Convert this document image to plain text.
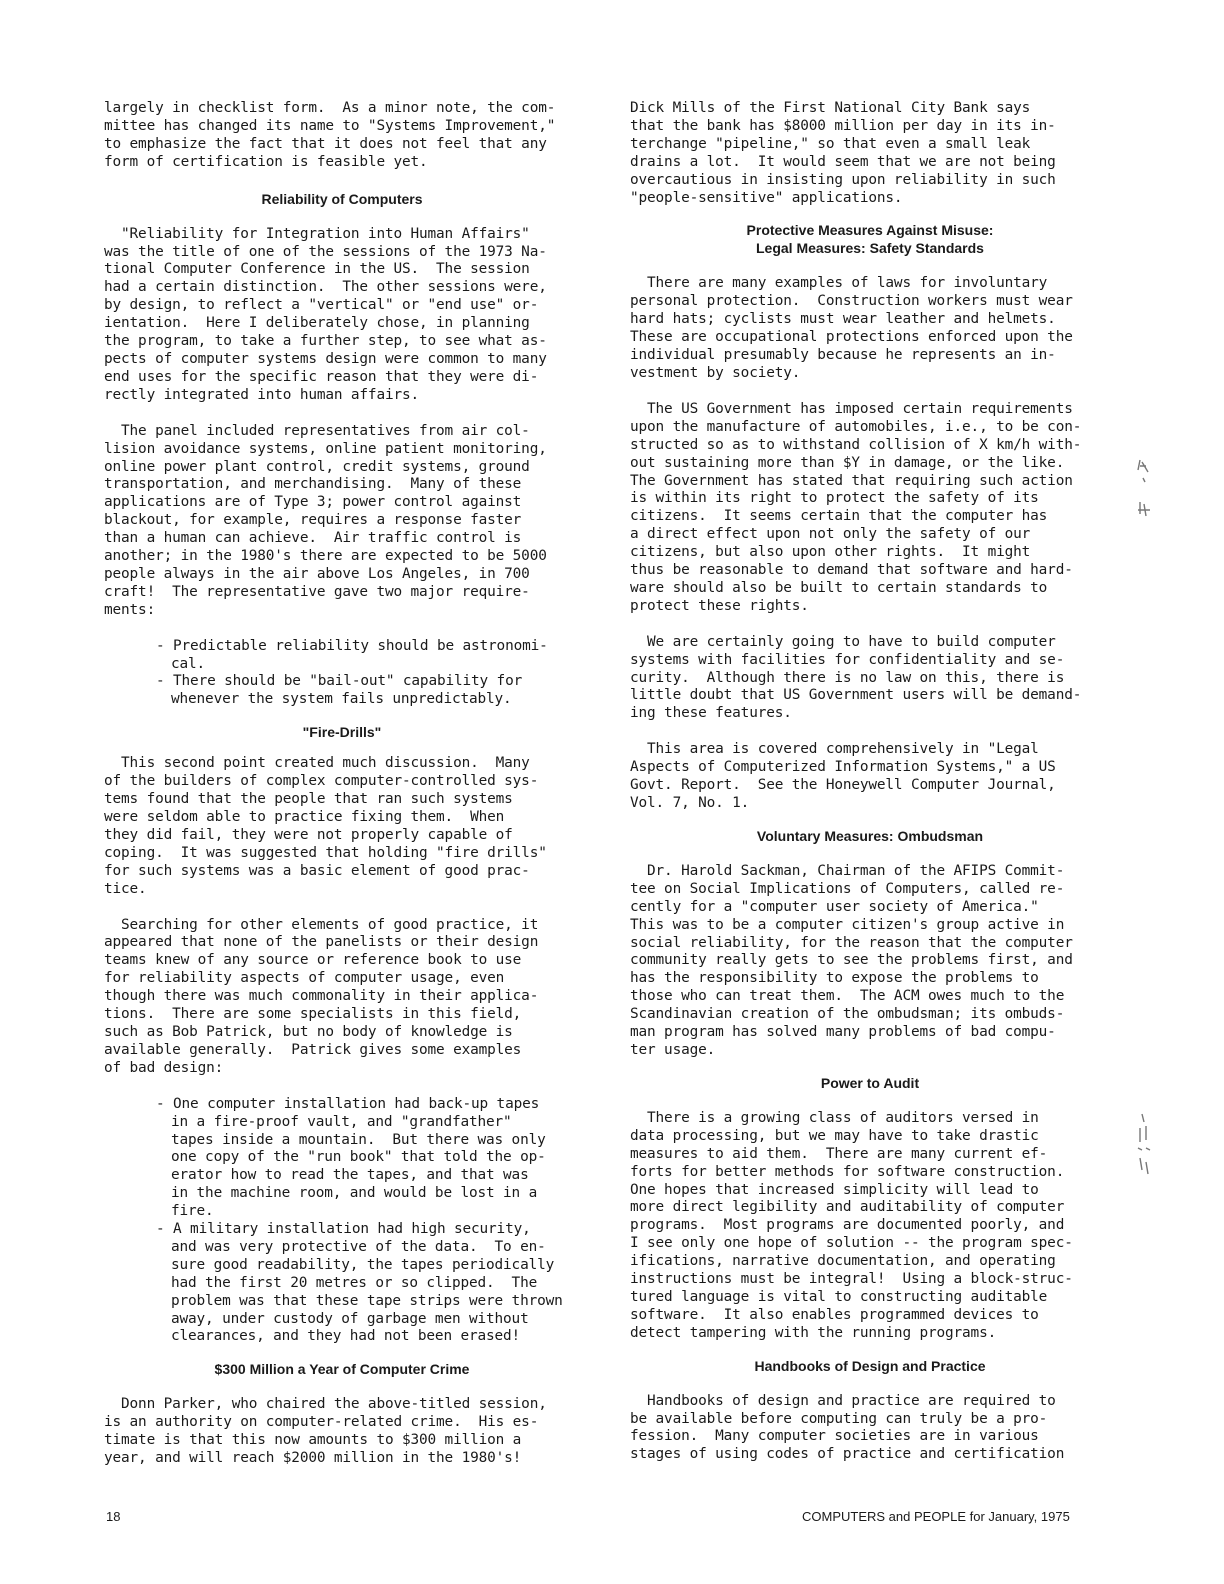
largely in checklist form.  As a minor note, the com-
mittee has changed its name to "Systems Improvement,"
to emphasize the fact that it does not feel that any
form of certification is feasible yet.

Reliability of Computers

"Reliability for Integration into Human Affairs"
was the title of one of the sessions of the 1973 Na-
tional Computer Conference in the US.  The session
had a certain distinction.  The other sessions were,
by design, to reflect a "vertical" or "end use" or-
ientation.  Here I deliberately chose, in planning
the program, to take a further step, to see what as-
pects of computer systems design were common to many
end uses for the specific reason that they were di-
rectly integrated into human affairs.

The panel included representatives from air col-
lision avoidance systems, online patient monitoring,
online power plant control, credit systems, ground
transportation, and merchandising.  Many of these
applications are of Type 3; power control against
blackout, for example, requires a response faster
than a human can achieve.  Air traffic control is
another; in the 1980's there are expected to be 5000
people always in the air above Los Angeles, in 700
craft!  The representative gave two major require-
ments:

- Predictable reliability should be astronomi-
cal.
- There should be "bail-out" capability for
whenever the system fails unpredictably.
"Fire-Drills"

This second point created much discussion.  Many
of the builders of complex computer-controlled sys-
tems found that the people that ran such systems
were seldom able to practice fixing them.  When
they did fail, they were not properly capable of
coping.  It was suggested that holding "fire drills"
for such systems was a basic element of good prac-
tice.

Searching for other elements of good practice, it
appeared that none of the panelists or their design
teams knew of any source or reference book to use
for reliability aspects of computer usage, even
though there was much commonality in their applica-
tions.  There are some specialists in this field,
such as Bob Patrick, but no body of knowledge is
available generally.  Patrick gives some examples
of bad design:

- One computer installation had back-up tapes
in a fire-proof vault, and "grandfather"
tapes inside a mountain.  But there was only
one copy of the "run book" that told the op-
erator how to read the tapes, and that was
in the machine room, and would be lost in a
fire.
- A military installation had high security,
and was very protective of the data.  To en-
sure good readability, the tapes periodically
had the first 20 metres or so clipped.  The
problem was that these tape strips were thrown
away, under custody of garbage men without
clearances, and they had not been erased!
$300 Million a Year of Computer Crime

Donn Parker, who chaired the above-titled session,
is an authority on computer-related crime.  His es-
timate is that this now amounts to $300 million a
year, and will reach $2000 million in the 1980's!

Dick Mills of the First National City Bank says
that the bank has $8000 million per day in its in-
terchange "pipeline," so that even a small leak
drains a lot.  It would seem that we are not being
overcautious in insisting upon reliability in such
"people-sensitive" applications.

Protective Measures Against Misuse:
Legal Measures: Safety Standards

There are many examples of laws for involuntary
personal protection.  Construction workers must wear
hard hats; cyclists must wear leather and helmets.
These are occupational protections enforced upon the
individual presumably because he represents an in-
vestment by society.

The US Government has imposed certain requirements
upon the manufacture of automobiles, i.e., to be con-
structed so as to withstand collision of X km/h with-
out sustaining more than $Y in damage, or the like.
The Government has stated that requiring such action
is within its right to protect the safety of its
citizens.  It seems certain that the computer has
a direct effect upon not only the safety of our
citizens, but also upon other rights.  It might
thus be reasonable to demand that software and hard-
ware should also be built to certain standards to
protect these rights.

We are certainly going to have to build computer
systems with facilities for confidentiality and se-
curity.  Although there is no law on this, there is
little doubt that US Government users will be demand-
ing these features.

This area is covered comprehensively in "Legal
Aspects of Computerized Information Systems," a US
Govt. Report.  See the Honeywell Computer Journal,
Vol. 7, No. 1.

Voluntary Measures: Ombudsman

Dr. Harold Sackman, Chairman of the AFIPS Commit-
tee on Social Implications of Computers, called re-
cently for a "computer user society of America."
This was to be a computer citizen's group active in
social reliability, for the reason that the computer
community really gets to see the problems first, and
has the responsibility to expose the problems to
those who can treat them.  The ACM owes much to the
Scandinavian creation of the ombudsman; its ombuds-
man program has solved many problems of bad compu-
ter usage.

Power to Audit

There is a growing class of auditors versed in
data processing, but we may have to take drastic
measures to aid them.  There are many current ef-
forts for better methods for software construction.
One hopes that increased simplicity will lead to
more direct legibility and auditability of computer
programs.  Most programs are documented poorly, and
I see only one hope of solution -- the program spec-
ifications, narrative documentation, and operating
instructions must be integral!  Using a block-struc-
tured language is vital to constructing auditable
software.  It also enables programmed devices to
detect tampering with the running programs.

Handbooks of Design and Practice

Handbooks of design and practice are required to
be available before computing can truly be a pro-
fession.  Many computer societies are in various
stages of using codes of practice and certification

18	COMPUTERS and PEOPLE for January, 1975
